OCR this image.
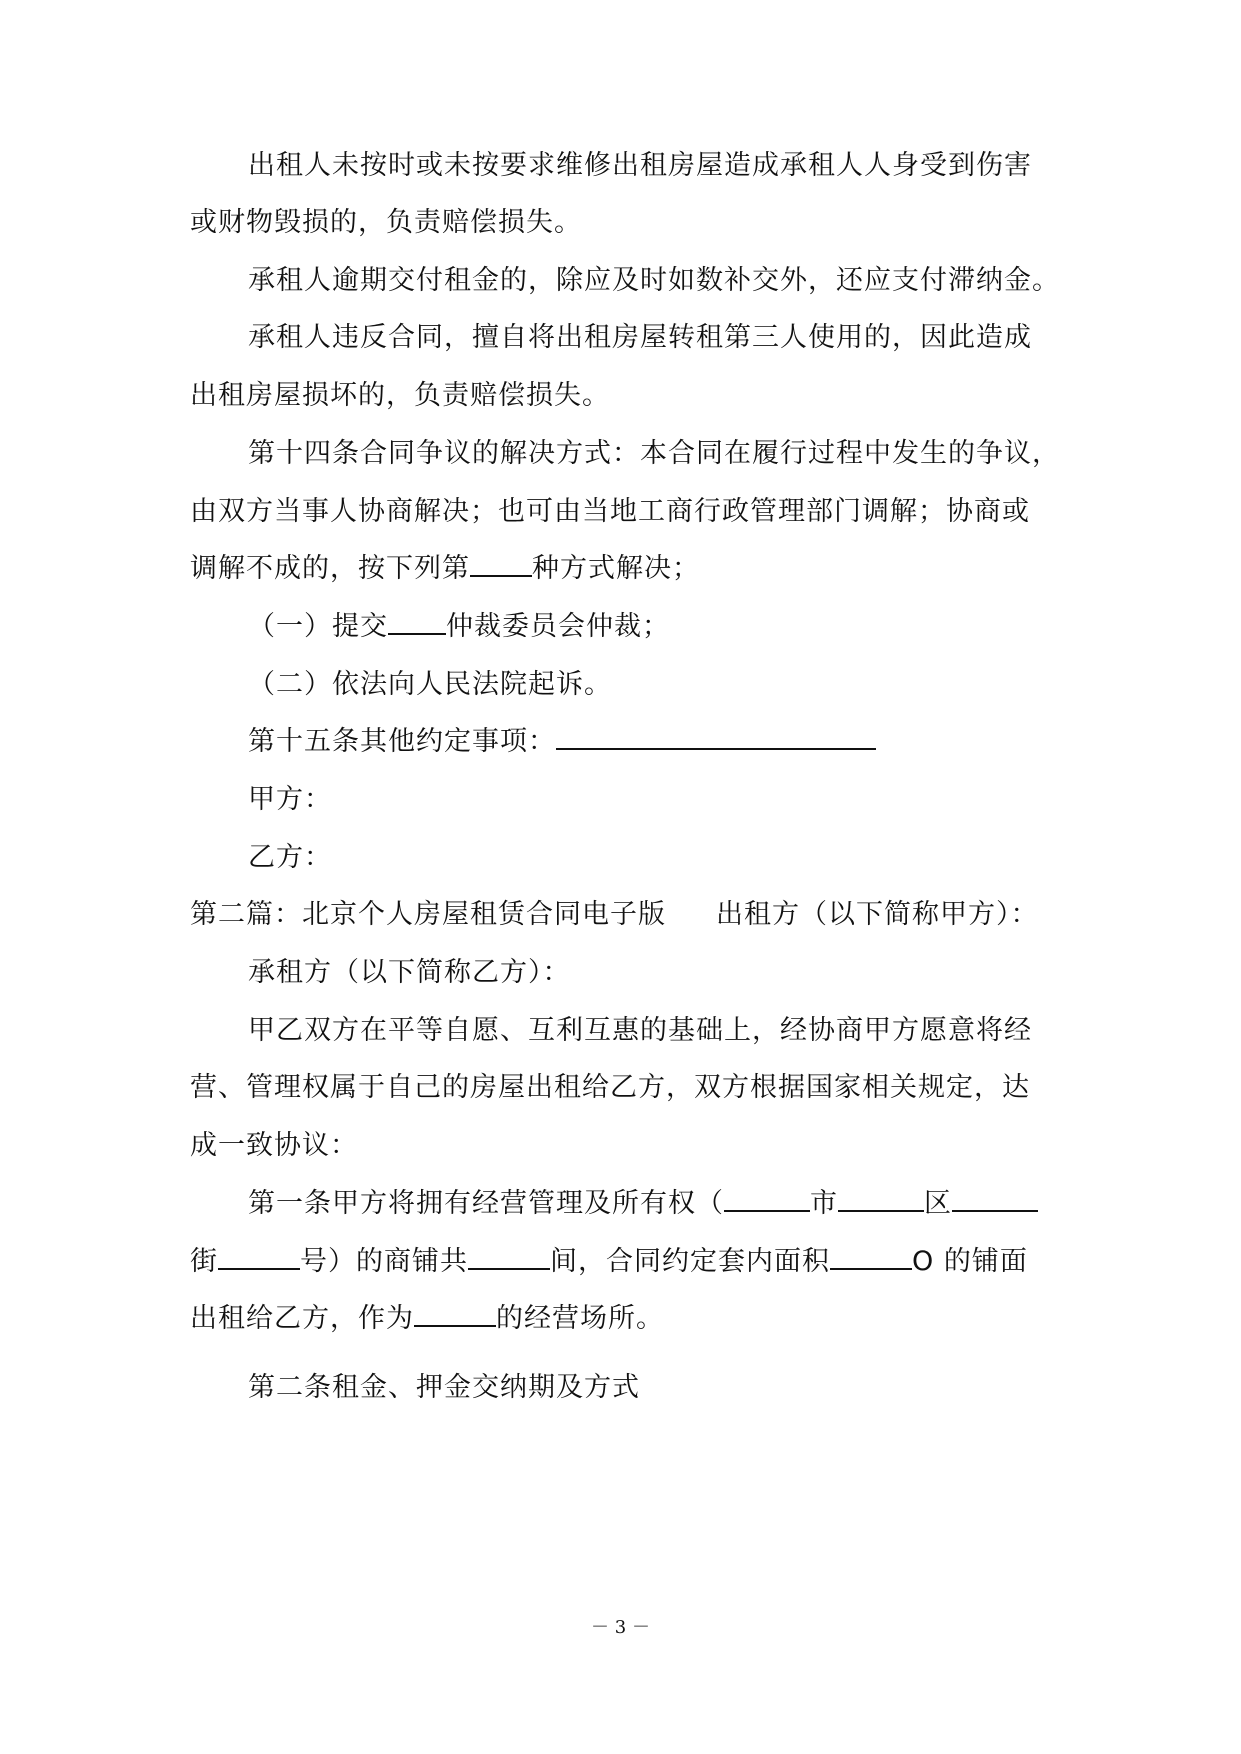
出租人未按时或未按要求维修出租房屋造成承租人人身受到伤害
或财物毁损的，负责赔偿损失。
承租人逾期交付租金的，除应及时如数补交外，还应支付滞纳金。
承租人违反合同，擅自将出租房屋转租第三人使用的，因此造成
出租房屋损坏的，负责赔偿损失。
第十四条合同争议的解决方式：本合同在履行过程中发生的争议，
由双方当事人协商解决；也可由当地工商行政管理部门调解；协商或
调解不成的，按下列第 种方式解决；
（一）提交 仲裁委员会仲裁；
（二）依法向人民法院起诉。
第十五条其他约定事项：
甲方：
乙方：
第二篇：北京个人房屋租赁合同电子版 出租方（以下简称甲方）：
承租方（以下简称乙方）：
甲乙双方在平等自愿、互利互惠的基础上，经协商甲方愿意将经
营、管理权属于自己的房屋出租给乙方，双方根据国家相关规定，达
成一致协议：
第一条甲方将拥有经营管理及所有权（	市	区
街	号）的商铺共	间，合同约定套内面积	O 的铺面
出租给乙方，作为	的经营场所。
第二条租金、押金交纳期及方式
－ 3 －
